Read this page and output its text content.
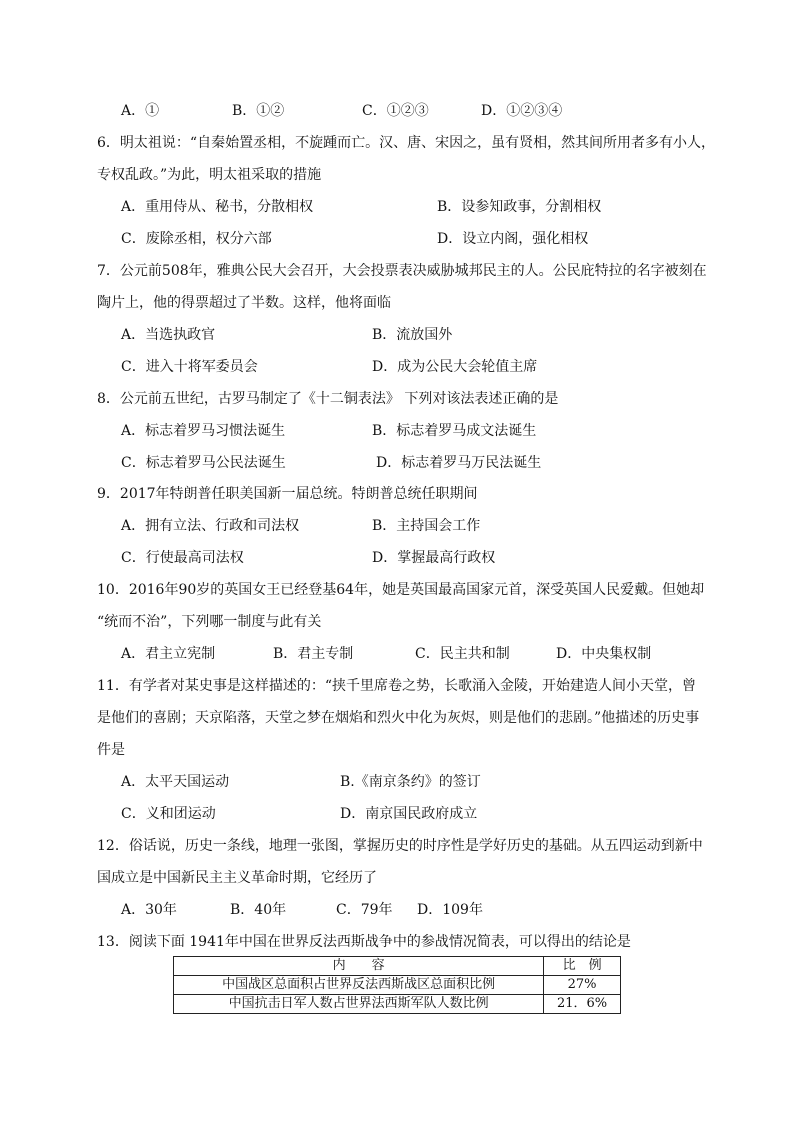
A．①	B．①②	C．①②③	D．①②③④
6．明太祖说：“自秦始置丞相，不旋踵而亡。汉、唐、宋因之，虽有贤相，然其间所用者多有小人，
专权乱政。”为此，明太祖采取的措施
A．重用侍从、秘书，分散相权	B．设参知政事，分割相权
C．废除丞相，权分六部	D．设立内阁，强化相权
7．公元前508年，雅典公民大会召开，大会投票表决威胁城邦民主的人。公民庇特拉的名字被刻在
陶片上，他的得票超过了半数。这样，他将面临
A．当选执政官	B．流放国外
C．进入十将军委员会	D．成为公民大会轮值主席
8．公元前五世纪，古罗马制定了《十二铜表法》 下列对该法表述正确的是
A．标志着罗马习惯法诞生	B．标志着罗马成文法诞生
C．标志着罗马公民法诞生	D．标志着罗马万民法诞生
9．2017年特朗普任职美国新一届总统。特朗普总统任职期间
A．拥有立法、行政和司法权	B．主持国会工作
C．行使最高司法权	D．掌握最高行政权
10．2016年90岁的英国女王已经登基64年，她是英国最高国家元首，深受英国人民爱戴。但她却
“统而不治”，下列哪一制度与此有关
A．君主立宪制	B．君主专制	C．民主共和制	D．中央集权制
11．有学者对某史事是这样描述的：“挟千里席卷之势，长歌涌入金陵，开始建造人间小天堂，曾
是他们的喜剧；天京陷落，天堂之梦在烟焰和烈火中化为灰烬，则是他们的悲剧。”他描述的历史事
件是
A．太平天国运动	B.《南京条约》的签订
C．义和团运动	D．南京国民政府成立
12．俗话说，历史一条线，地理一张图，掌握历史的时序性是学好历史的基础。从五四运动到新中
国成立是中国新民主主义革命时期，它经历了
A．30年	B．40年	C．79年 D．109年
13．阅读下面 1941年中国在世界反法西斯战争中的参战情况简表，可以得出的结论是
内　　容	比　例
中国战区总面积占世界反法西斯战区总面积比例	27%
中国抗击日军人数占世界法西斯军队人数比例	21．6%
